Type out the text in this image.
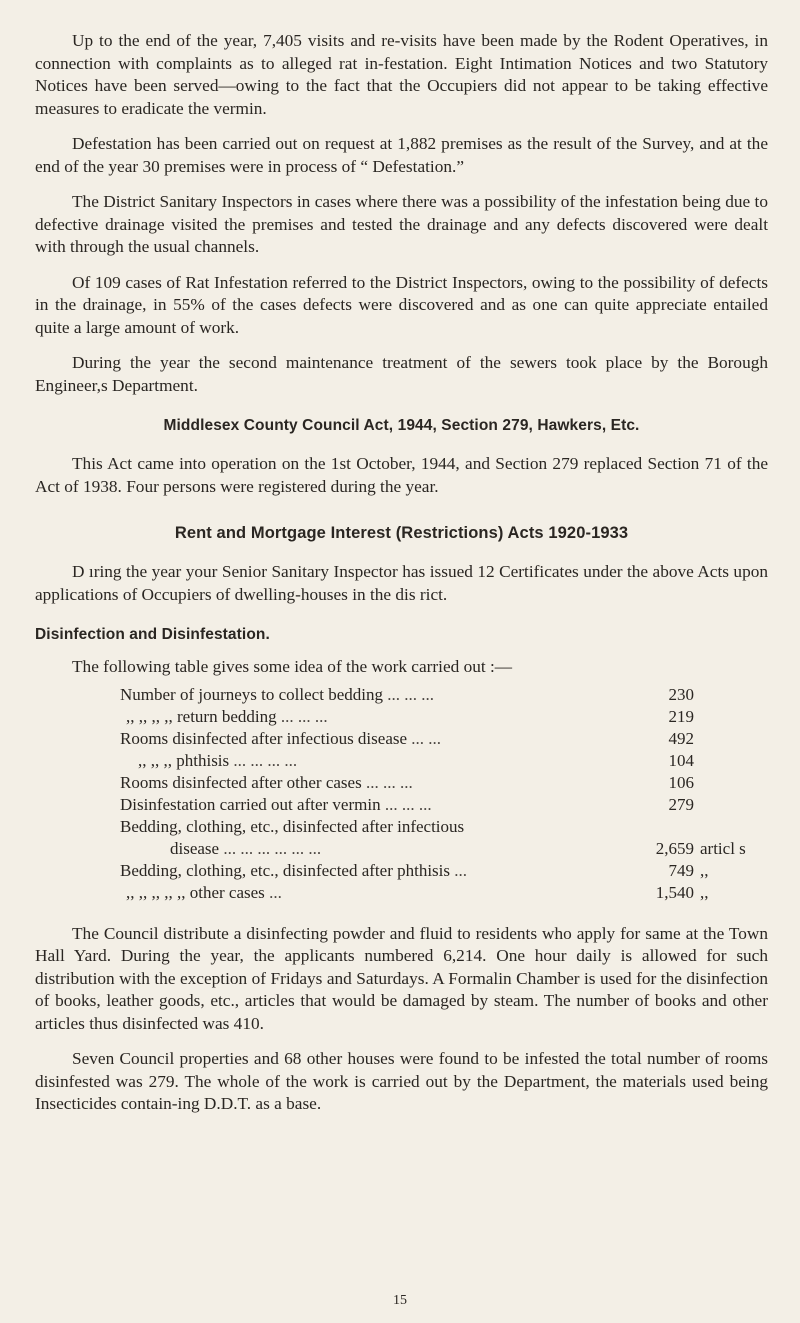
Up to the end of the year, 7,405 visits and re-visits have been made by the Rodent Operatives, in connection with complaints as to alleged rat in-festation. Eight Intimation Notices and two Statutory Notices have been served—owing to the fact that the Occupiers did not appear to be taking effective measures to eradicate the vermin.

Defestation has been carried out on request at 1,882 premises as the result of the Survey, and at the end of the year 30 premises were in process of “ Defestation.”

The District Sanitary Inspectors in cases where there was a possibility of the infestation being due to defective drainage visited the premises and tested the drainage and any defects discovered were dealt with through the usual channels.

Of 109 cases of Rat Infestation referred to the District Inspectors, owing to the possibility of defects in the drainage, in 55% of the cases defects were discovered and as one can quite appreciate entailed quite a large amount of work.

During the year the second maintenance treatment of the sewers took place by the Borough Engineer,s Department.

Middlesex County Council Act, 1944, Section 279, Hawkers, Etc.

This Act came into operation on the 1st October, 1944, and Section 279 replaced Section 71 of the Act of 1938. Four persons were registered during the year.

Rent and Mortgage Interest (Restrictions) Acts 1920-1933

D ıring the year your Senior Sanitary Inspector has issued 12 Certificates under the above Acts upon applications of Occupiers of dwelling-houses in the dis rict.

Disinfection and Disinfestation.

The following table gives some idea of the work carried out :—

Number of journeys to collect bedding ... ... ...	230
,, ,, ,, ,, return bedding ... ... ...	219
Rooms disinfected after infectious disease ... ...	492
,, ,, ,, phthisis ... ... ... ...	104
Rooms disinfected after other cases ... ... ...	106
Disinfestation carried out after vermin ... ... ...	279
Bedding, clothing, etc., disinfected after infectious
disease ... ... ... ... ... ...	2,659 articl s
Bedding, clothing, etc., disinfected after phthisis ...	749 ,,
,, ,, ,, ,, ,, other cases ...	1,540 ,,

The Council distribute a disinfecting powder and fluid to residents who apply for same at the Town Hall Yard. During the year, the applicants numbered 6,214. One hour daily is allowed for such distribution with the exception of Fridays and Saturdays. A Formalin Chamber is used for the disinfection of books, leather goods, etc., articles that would be damaged by steam. The number of books and other articles thus disinfected was 410.

Seven Council properties and 68 other houses were found to be infested the total number of rooms disinfested was 279. The whole of the work is carried out by the Department, the materials used being Insecticides contain-ing D.D.T. as a base.

15
